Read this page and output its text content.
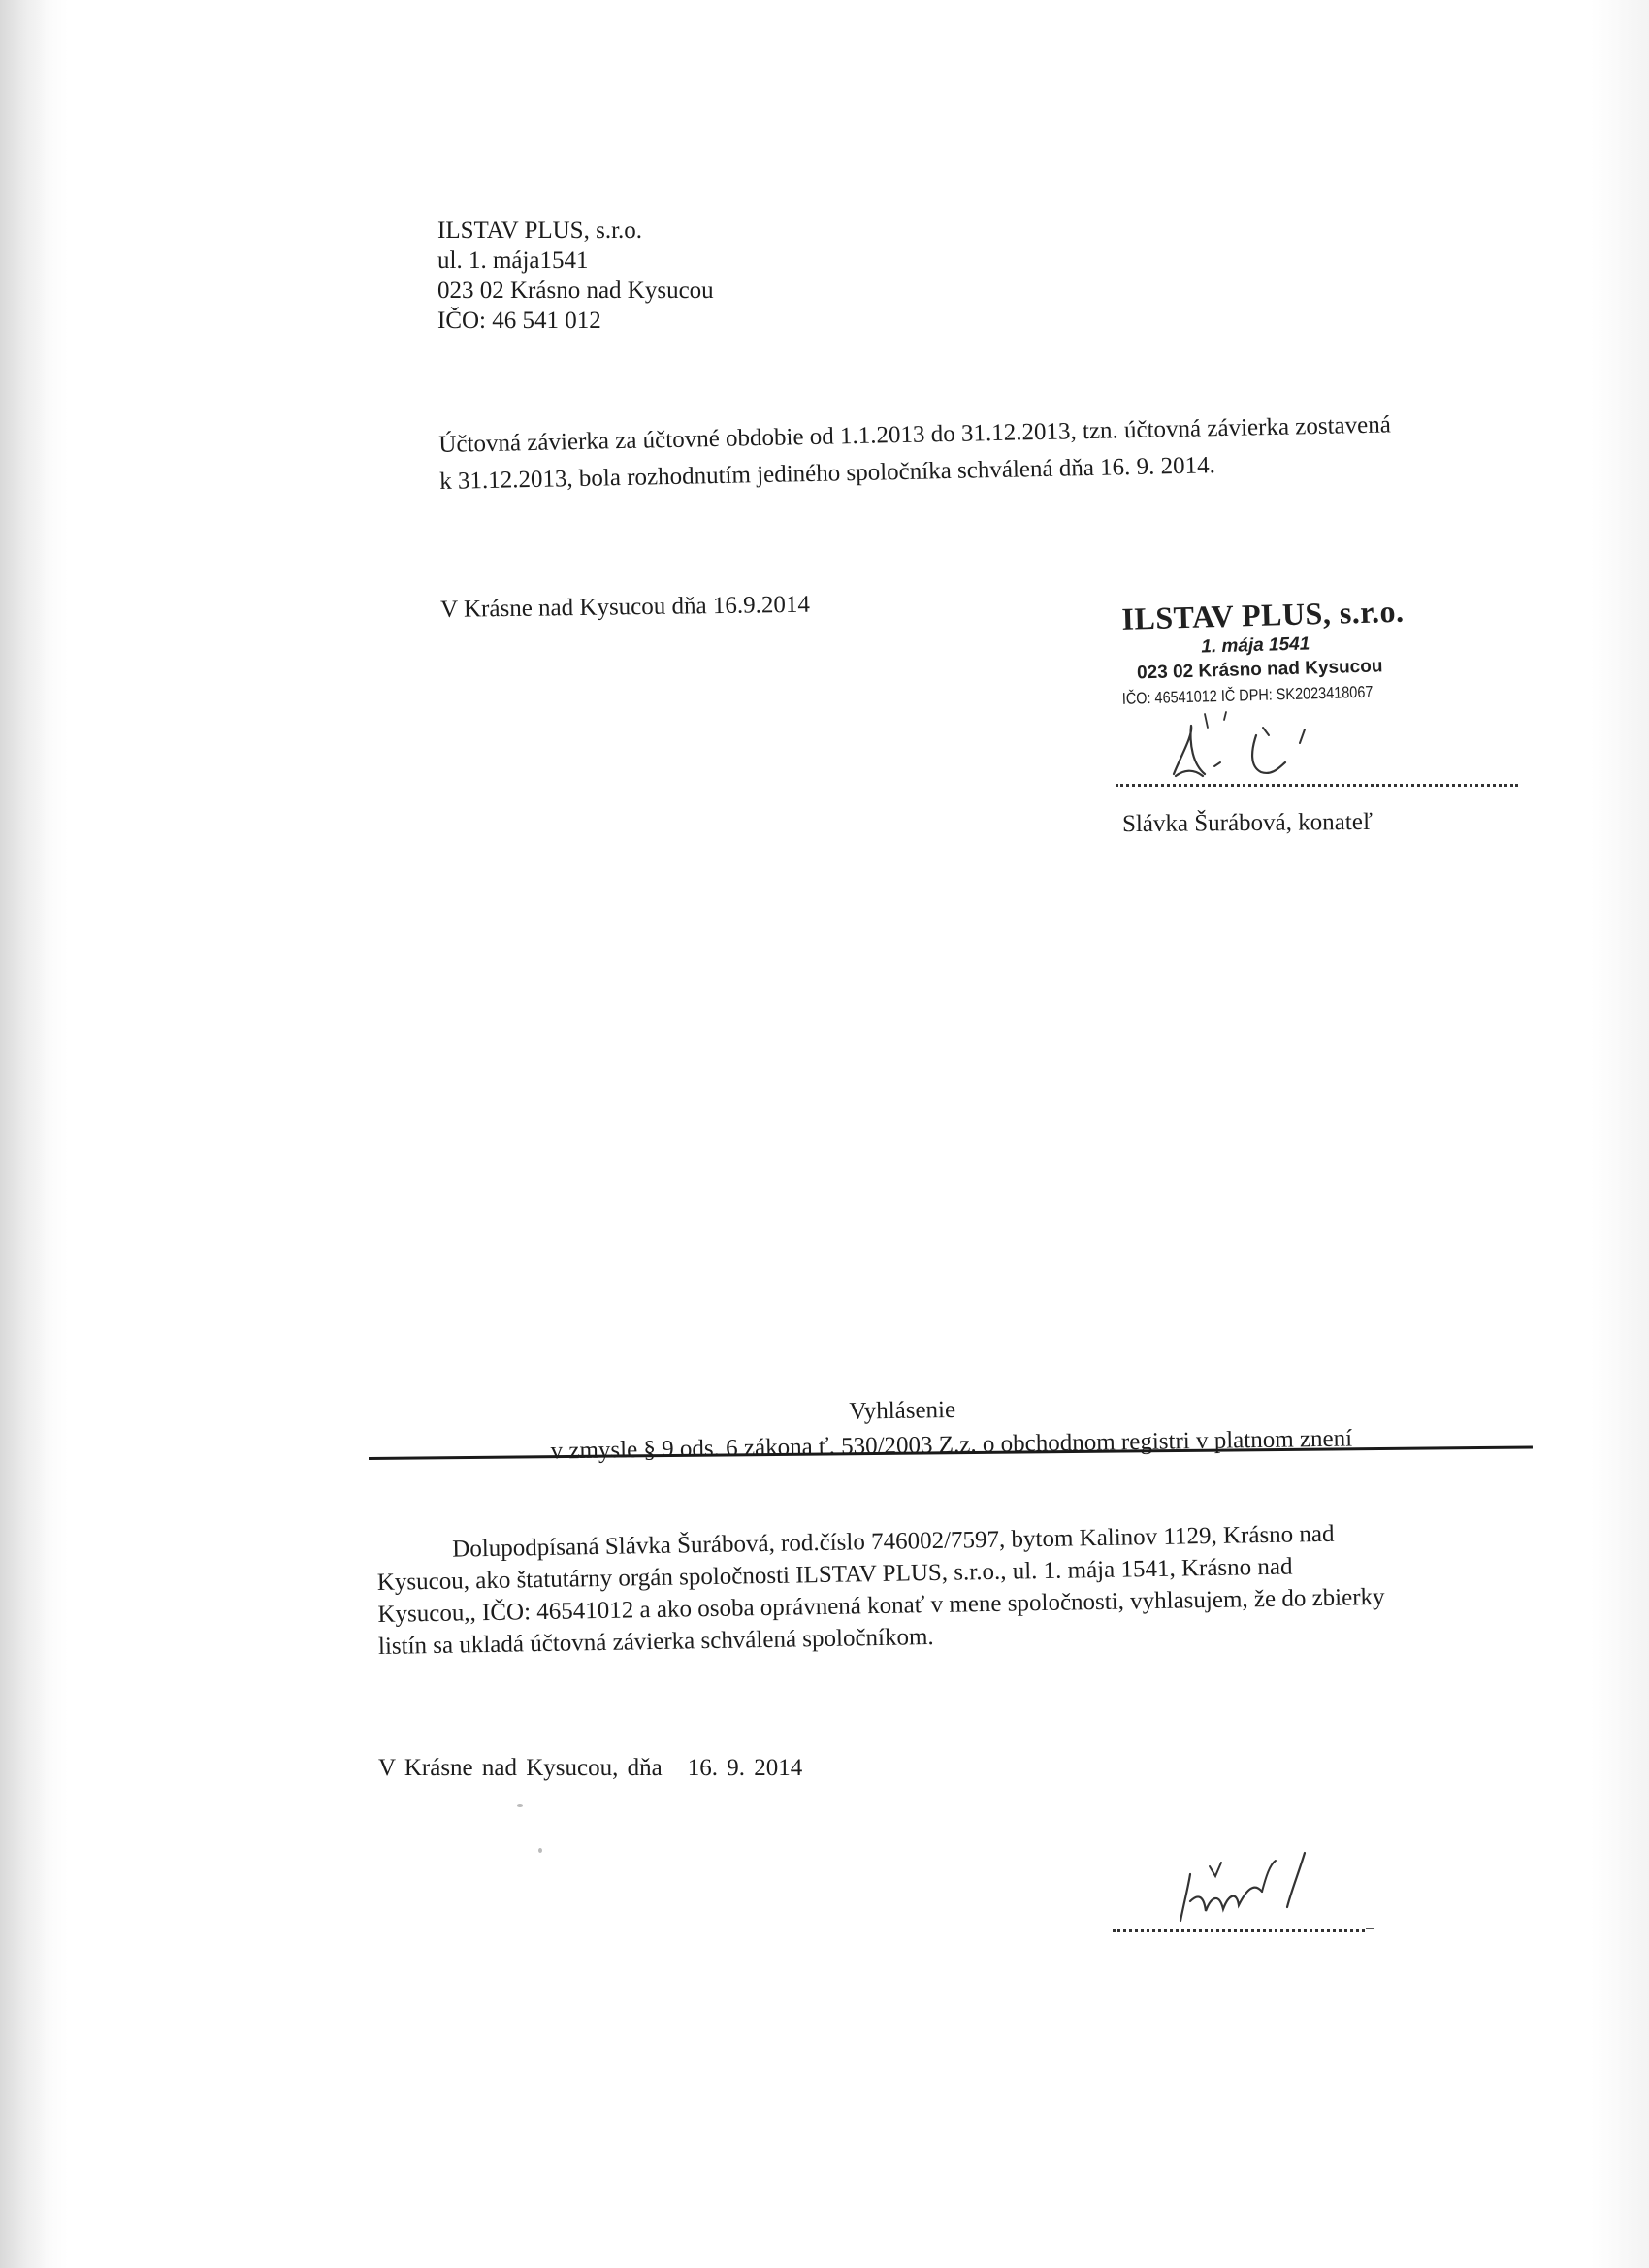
ILSTAV PLUS, s.r.o.
ul. 1. mája1541
023 02 Krásno nad Kysucou
IČO: 46 541 012
Účtovná závierka za účtovné obdobie od 1.1.2013 do 31.12.2013, tzn. účtovná závierka zostavená
k 31.12.2013, bola rozhodnutím jediného spoločníka schválená dňa 16. 9. 2014.
V Krásne nad Kysucou dňa 16.9.2014	ILSTAV PLUS, s.r.o.
1. mája 1541
023 02 Krásno nad Kysucou
IČO: 46541012 IČ DPH: SK2023418067
Slávka Šurábová, konateľ
Vyhlásenie
v zmysle § 9 ods. 6 zákona ť. 530/2003 Z.z. o obchodnom registri v platnom znení
Dolupodpísaná Slávka Šurábová, rod.číslo 746002/7597, bytom Kalinov 1129, Krásno nad
Kysucou, ako štatutárny orgán spoločnosti ILSTAV PLUS, s.r.o., ul. 1. mája 1541, Krásno nad
Kysucou,, IČO: 46541012 a ako osoba oprávnená konať v mene spoločnosti, vyhlasujem, že do zbierky
listín sa ukladá účtovná závierka schválená spoločníkom.
V Krásne nad Kysucou, dňa 16. 9. 2014
